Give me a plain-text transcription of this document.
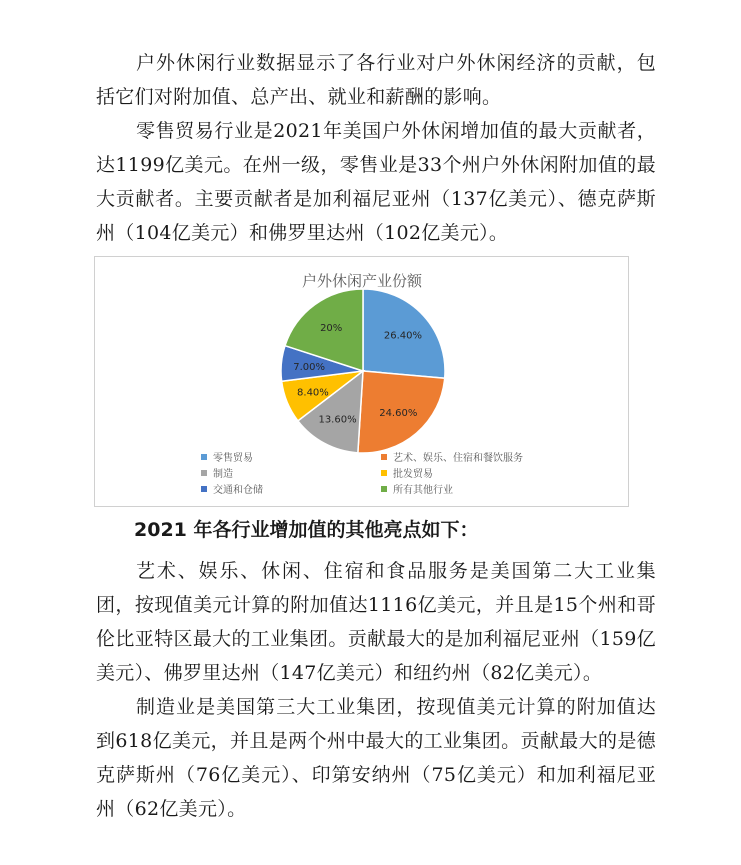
户外休闲行业数据显示了各行业对户外休闲经济的贡献，包括它们对附加值、总产出、就业和薪酬的影响。

零售贸易行业是2021年美国户外休闲增加值的最大贡献者，达1199亿美元。在州一级，零售业是33个州户外休闲附加值的最大贡献者。主要贡献者是加利福尼亚州（137亿美元）、德克萨斯州（104亿美元）和佛罗里达州（102亿美元）。

户外休闲产业份额
26.40%
24.60%
13.60%
8.40%
7.00%
20%
零售贸易	艺术、娱乐、住宿和餐饮服务
制造	批发贸易
交通和仓储	所有其他行业

2021 年各行业增加值的其他亮点如下：

艺术、娱乐、休闲、住宿和食品服务是美国第二大工业集团，按现值美元计算的附加值达1116亿美元，并且是15个州和哥伦比亚特区最大的工业集团。贡献最大的是加利福尼亚州（159亿美元）、佛罗里达州（147亿美元）和纽约州（82亿美元）。

制造业是美国第三大工业集团，按现值美元计算的附加值达到618亿美元，并且是两个州中最大的工业集团。贡献最大的是德克萨斯州（76亿美元）、印第安纳州（75亿美元）和加利福尼亚州（62亿美元）。
